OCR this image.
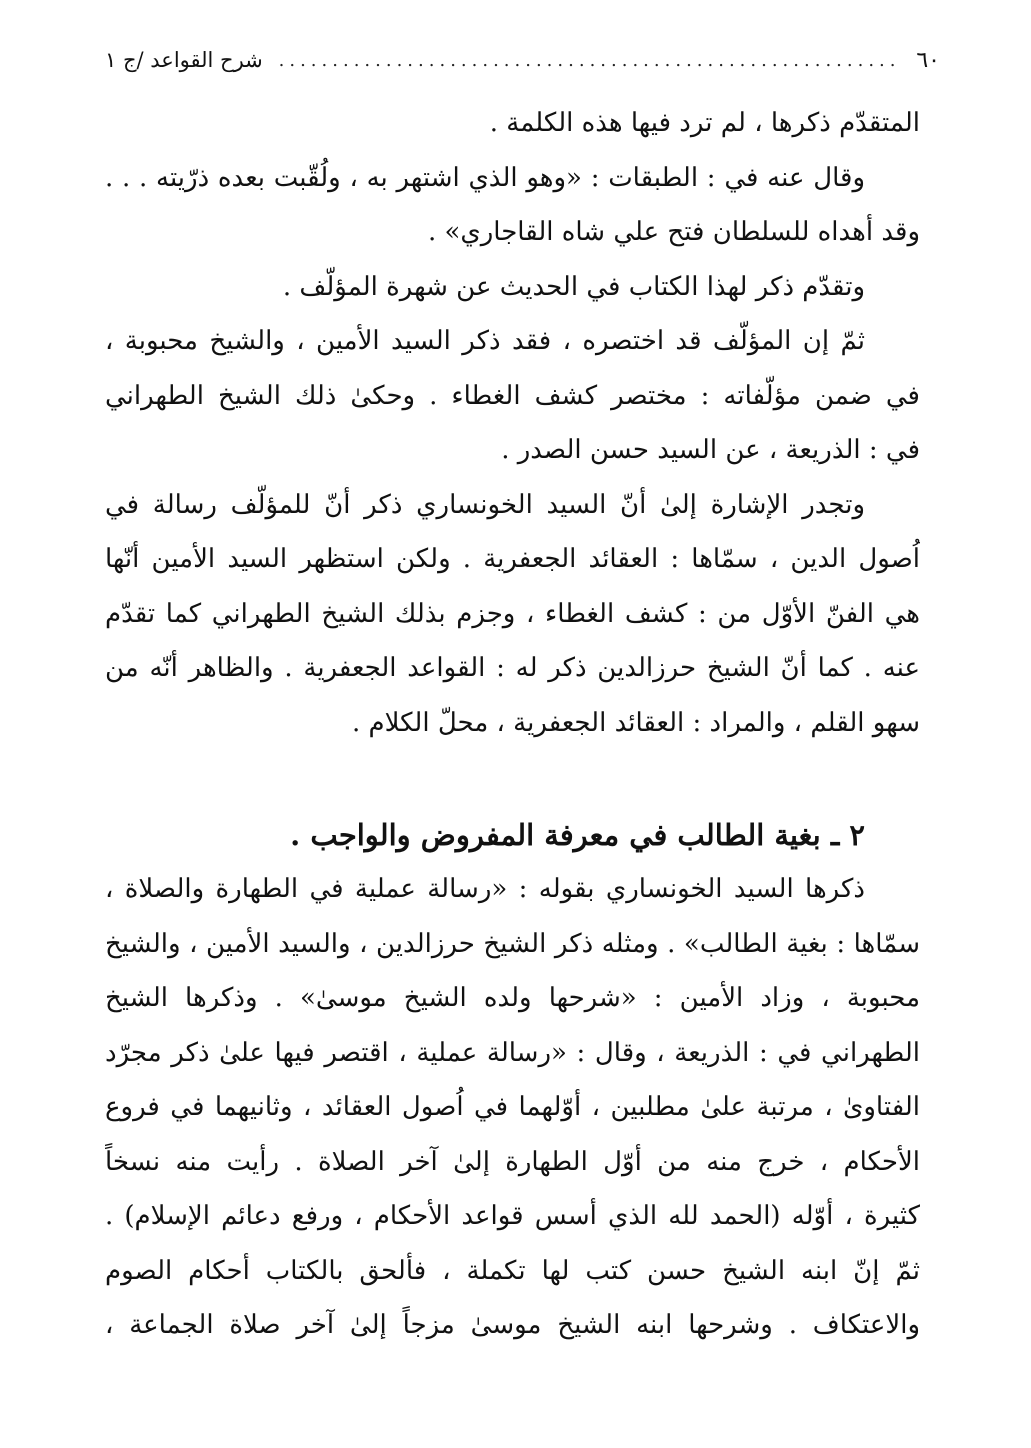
٦٠
..........................................................
شرح القواعد /ج ١
المتقدّم ذكرها ، لم ترد فيها هذه الكلمة .
وقال عنه في : الطبقات : «وهو الذي اشتهر به ، ولُقّبت بعده ذرّيته . . .
وقد أهداه للسلطان فتح علي شاه القاجاري» .
وتقدّم ذكر لهذا الكتاب في الحديث عن شهرة المؤلّف .
ثمّ إن المؤلّف قد اختصره ، فقد ذكر السيد الأمين ، والشيخ محبوبة ،
في ضمن مؤلّفاته : مختصر كشف الغطاء . وحكىٰ ذلك الشيخ الطهراني
في : الذريعة ، عن السيد حسن الصدر .
وتجدر الإشارة إلىٰ أنّ السيد الخونساري ذكر أنّ للمؤلّف رسالة في
اُصول الدين ، سمّاها : العقائد الجعفرية . ولكن استظهر السيد الأمين أنّها
هي الفنّ الأوّل من : كشف الغطاء ، وجزم بذلك الشيخ الطهراني كما تقدّم
عنه . كما أنّ الشيخ حرزالدين ذكر له : القواعد الجعفرية . والظاهر أنّه من
سهو القلم ، والمراد : العقائد الجعفرية ، محلّ الكلام .
٢ ـ بغية الطالب في معرفة المفروض والواجب .
ذكرها السيد الخونساري بقوله : «رسالة عملية في الطهارة والصلاة ،
سمّاها : بغية الطالب» . ومثله ذكر الشيخ حرزالدين ، والسيد الأمين ، والشيخ
محبوبة ، وزاد الأمين : «شرحها ولده الشيخ موسىٰ» . وذكرها الشيخ
الطهراني في : الذريعة ، وقال : «رسالة عملية ، اقتصر فيها علىٰ ذكر مجرّد
الفتاوىٰ ، مرتبة علىٰ مطلبين ، أوّلهما في اُصول العقائد ، وثانيهما في فروع
الأحكام ، خرج منه من أوّل الطهارة إلىٰ آخر الصلاة . رأيت منه نسخاً
كثيرة ، أوّله (الحمد لله الذي أسس قواعد الأحكام ، ورفع دعائم الإسلام) .
ثمّ إنّ ابنه الشيخ حسن كتب لها تكملة ، فألحق بالكتاب أحكام الصوم
والاعتكاف . وشرحها ابنه الشيخ موسىٰ مزجاً إلىٰ آخر صلاة الجماعة ،
